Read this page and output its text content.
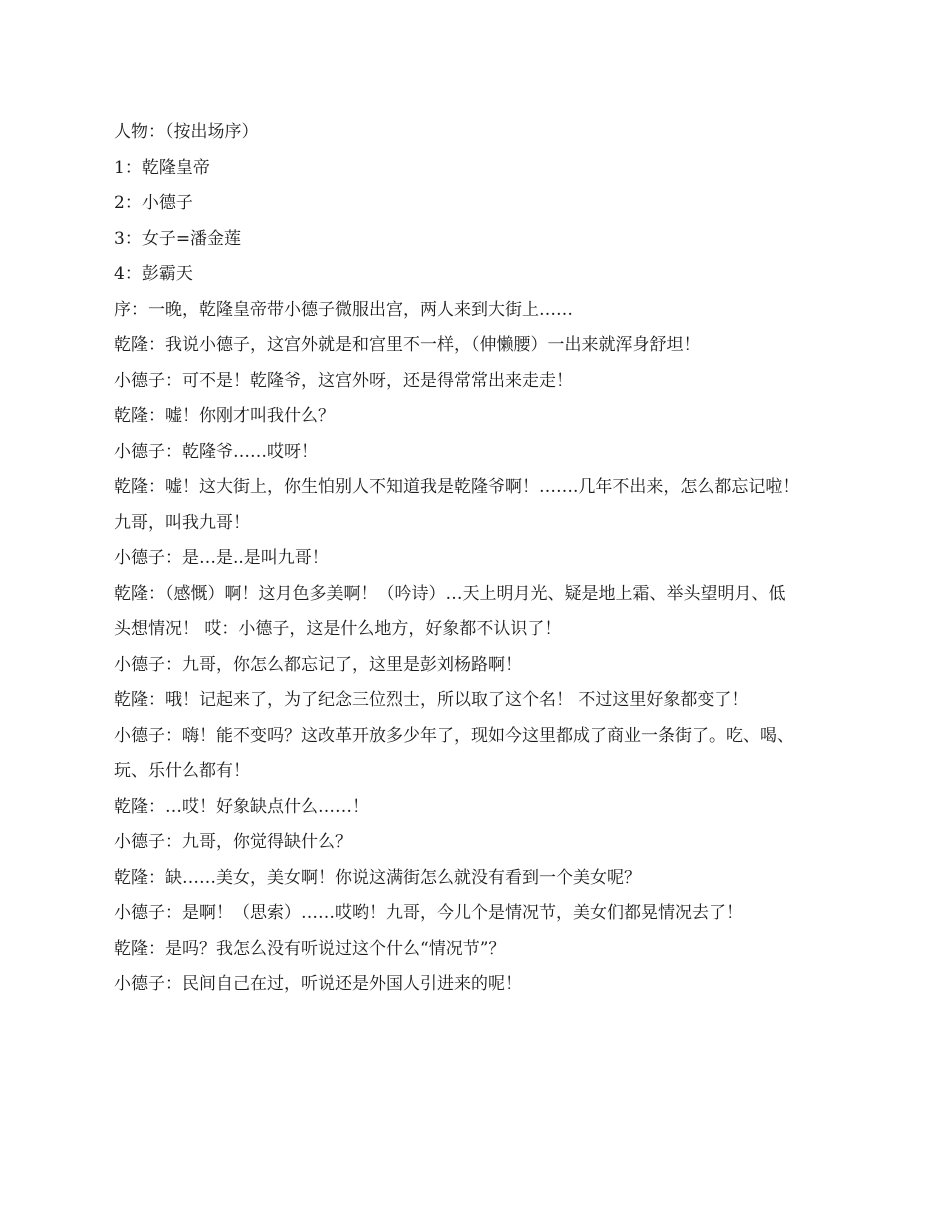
人物：（按出场序）

1：乾隆皇帝

2：小德子

3：女子=潘金莲

4：彭霸天

序：一晚，乾隆皇帝带小德子微服出宫，两人来到大街上……

乾隆：我说小德子，这宫外就是和宫里不一样，（伸懒腰）一出来就浑身舒坦！

小德子：可不是！乾隆爷，这宫外呀，还是得常常出来走走！

乾隆：嘘！你刚才叫我什么？

小德子：乾隆爷……哎呀！

乾隆：嘘！这大街上，你生怕别人不知道我是乾隆爷啊！…….几年不出来，怎么都忘记啦！

九哥，叫我九哥！

小德子：是…是..是叫九哥！

乾隆：（感慨）啊！这月色多美啊！（吟诗）…天上明月光、疑是地上霜、举头望明月、低

头想情况！ 哎：小德子，这是什么地方，好象都不认识了！

小德子：九哥，你怎么都忘记了，这里是彭刘杨路啊！

乾隆：哦！记起来了，为了纪念三位烈士，所以取了这个名！ 不过这里好象都变了！

小德子：嗨！能不变吗？这改革开放多少年了，现如今这里都成了商业一条街了。吃、喝、

玩、乐什么都有！

乾隆：…哎！好象缺点什么……！

小德子：九哥，你觉得缺什么？

乾隆：缺……美女，美女啊！你说这满街怎么就没有看到一个美女呢？

小德子：是啊！（思索）……哎哟！九哥，今儿个是情况节，美女们都晃情况去了！

乾隆：是吗？我怎么没有听说过这个什么“情况节”？

小德子：民间自己在过，听说还是外国人引进来的呢！
